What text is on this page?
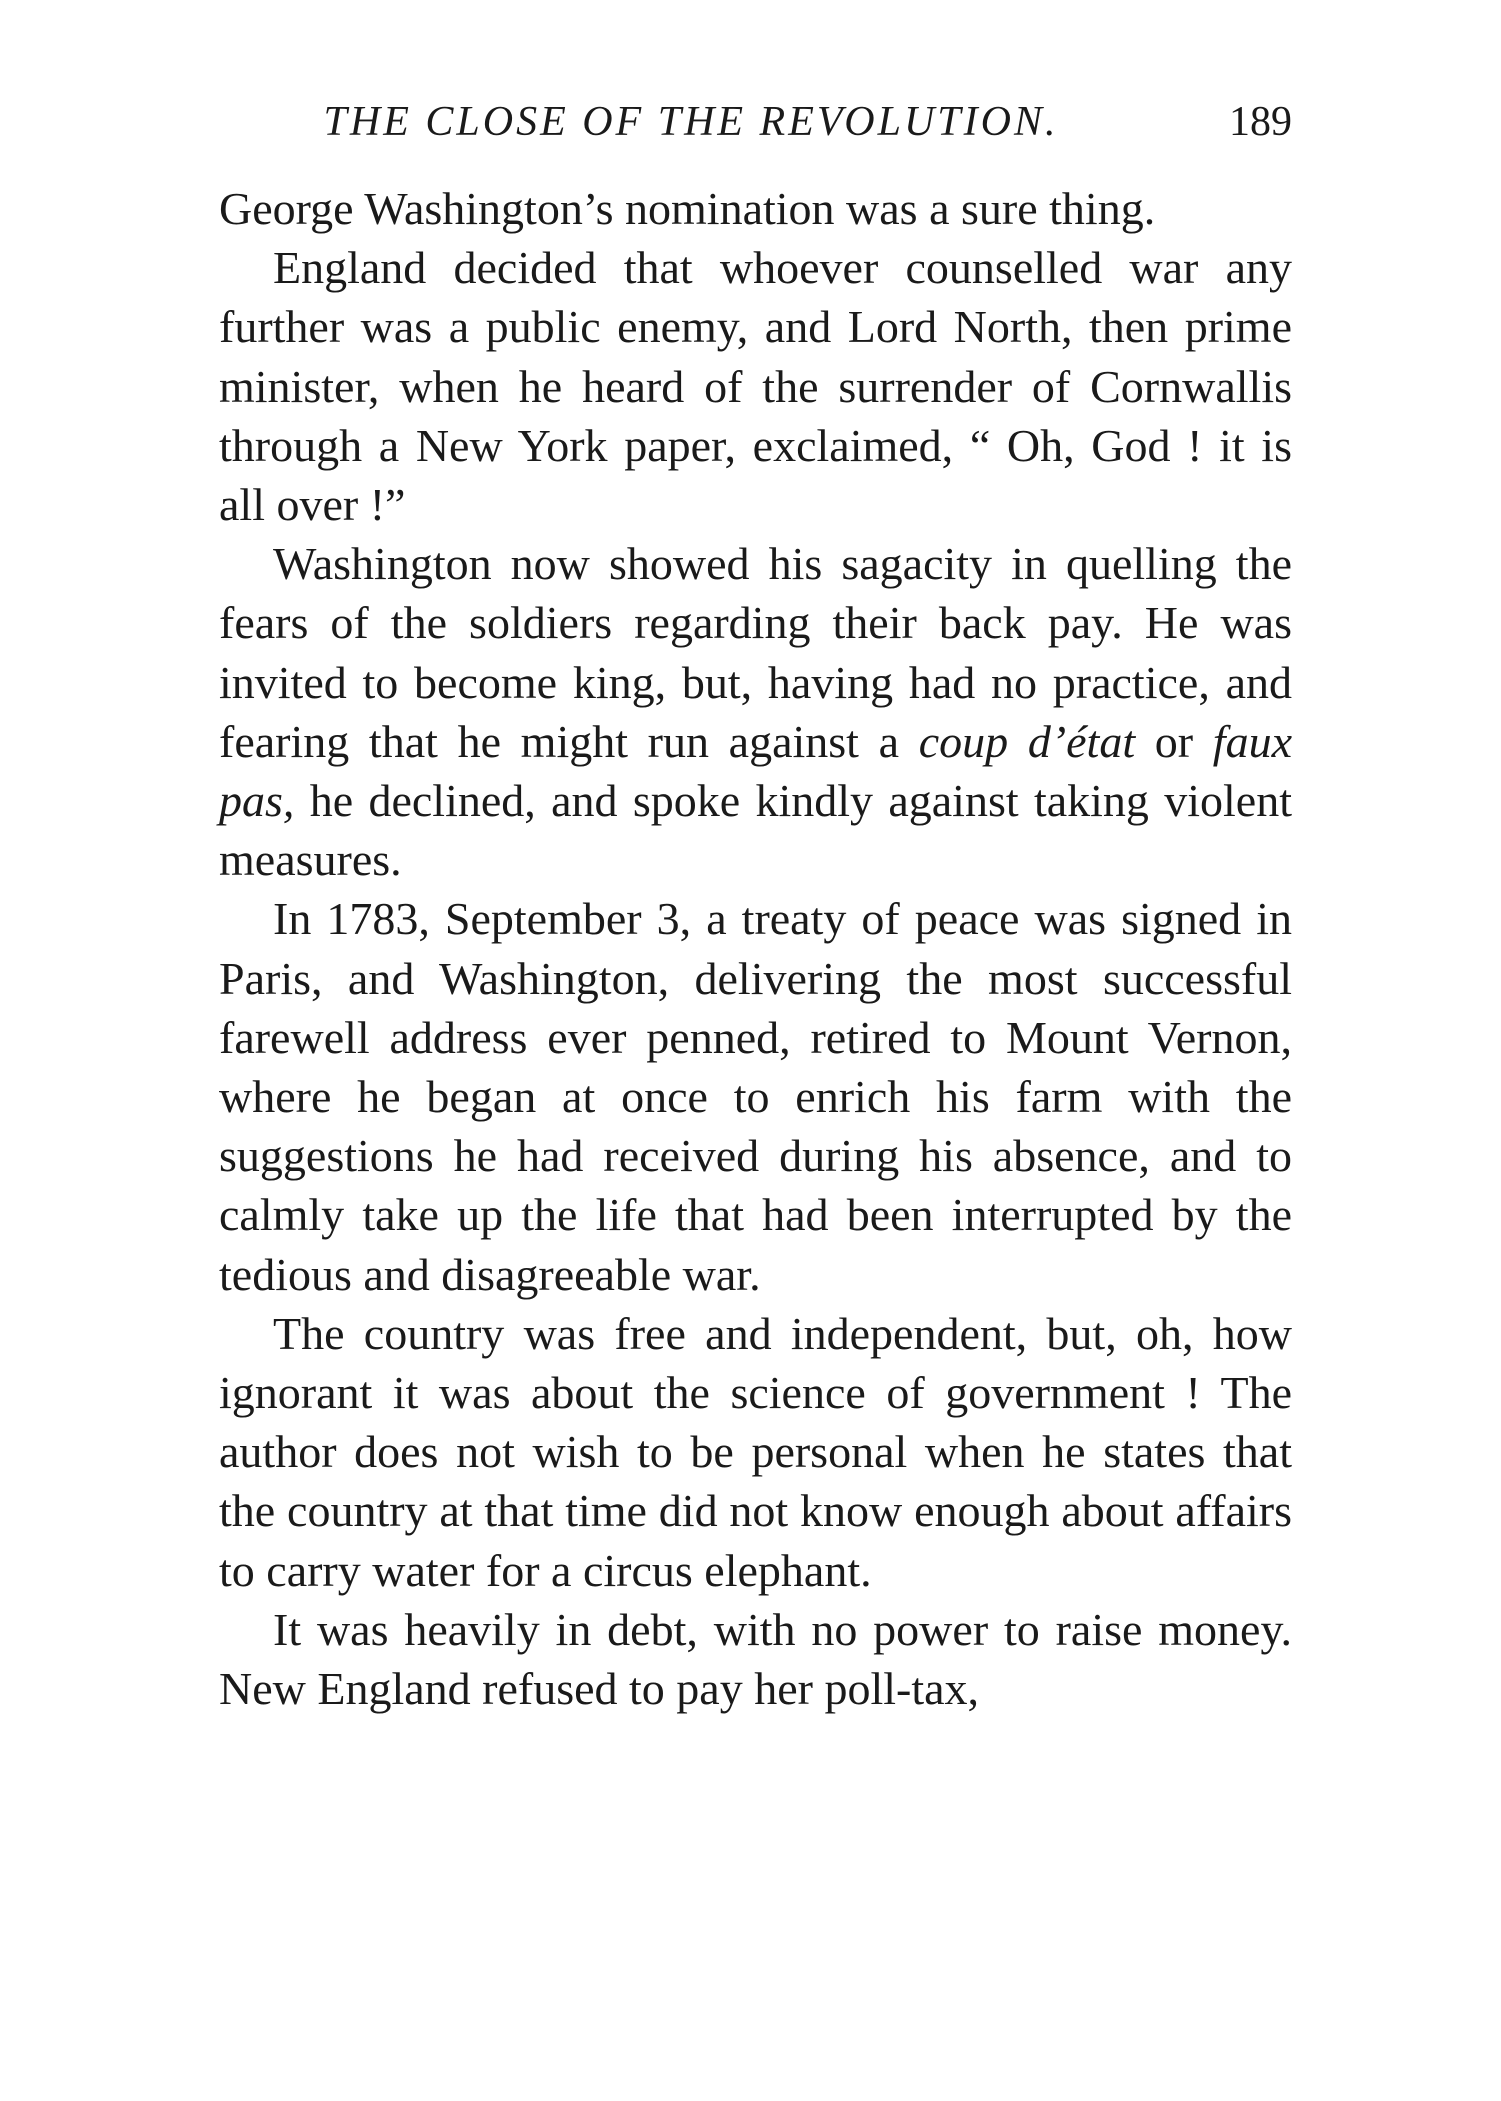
THE CLOSE OF THE REVOLUTION.	189

George Washington’s nomination was a sure thing.

England decided that whoever counselled war any further was a public enemy, and Lord North, then prime minister, when he heard of the surrender of Cornwallis through a New York paper, exclaimed, “ Oh, God ! it is all over !”

Washington now showed his sagacity in quelling the fears of the soldiers regarding their back pay. He was invited to become king, but, having had no practice, and fearing that he might run against a coup d’état or faux pas, he declined, and spoke kindly against taking violent measures.

In 1783, September 3, a treaty of peace was signed in Paris, and Washington, delivering the most successful farewell address ever penned, retired to Mount Vernon, where he began at once to enrich his farm with the suggestions he had received during his absence, and to calmly take up the life that had been interrupted by the tedious and disagreeable war.

The country was free and independent, but, oh, how ignorant it was about the science of government ! The author does not wish to be personal when he states that the country at that time did not know enough about affairs to carry water for a circus elephant.

It was heavily in debt, with no power to raise money. New England refused to pay her poll-tax,
